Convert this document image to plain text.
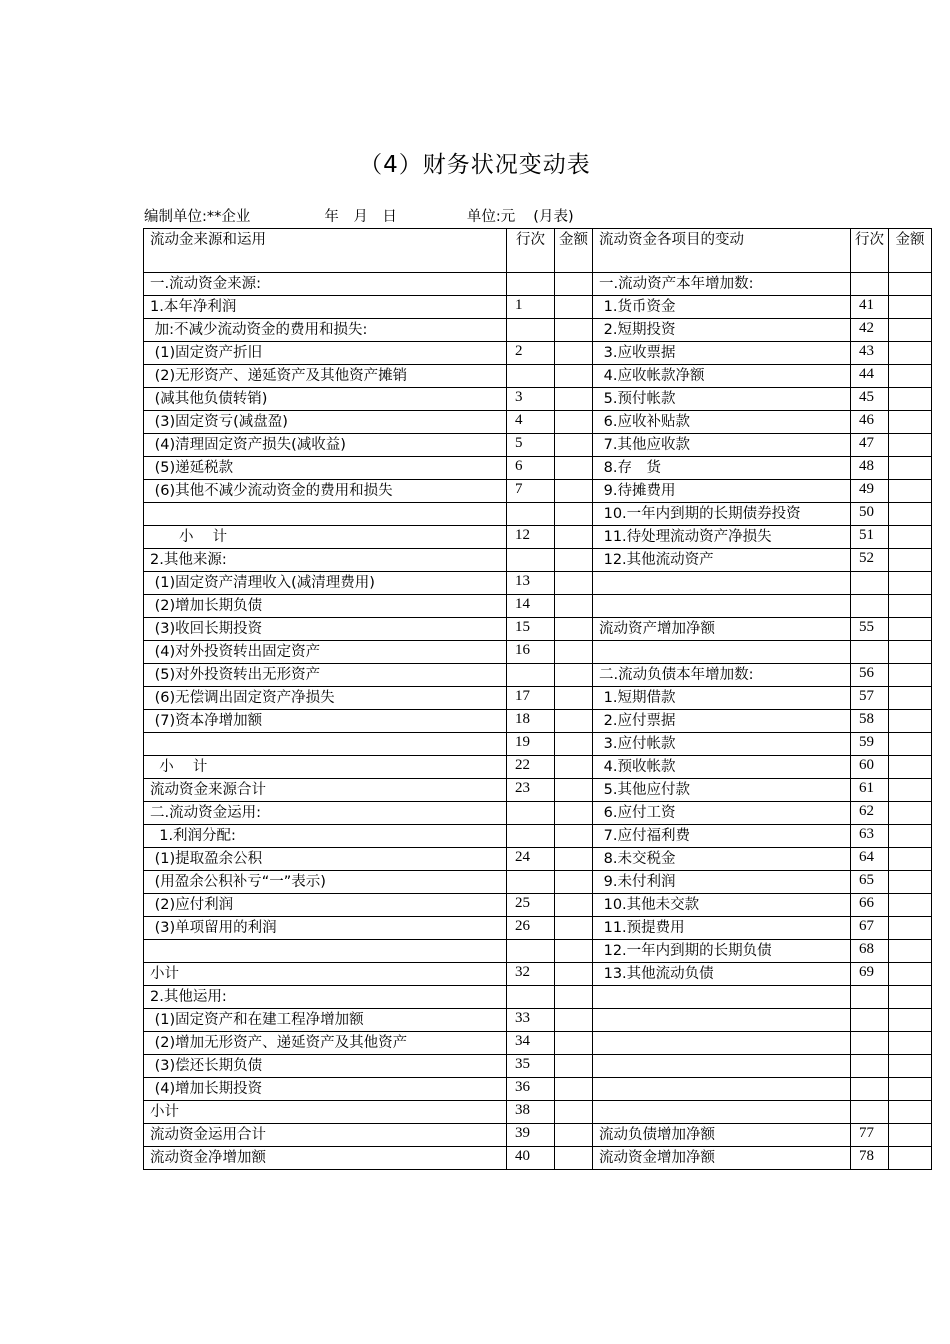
（4）财务状况变动表
编制单位:**企业	年　月　日	单位:元 (月表)
流动金来源和运用	行次	金额	流动资金各项目的变动	行次	金额
一.流动资金来源:			一.流动资产本年增加数:		
1.本年净利润	1		1.货币资金	41	
加:不减少流动资金的费用和损失:			2.短期投资	42	
(1)固定资产折旧	2		3.应收票据	43	
(2)无形资产、递延资产及其他资产摊销			4.应收帐款净额	44	
(减其他负债转销)	3		5.预付帐款	45	
(3)固定资亏(减盘盈)	4		6.应收补贴款	46	
(4)清理固定资产损失(减收益)	5		7.其他应收款	47	
(5)递延税款	6		8.存　货	48	
(6)其他不减少流动资金的费用和损失	7		9.待摊费用	49	
			10.一年内到期的长期债券投资	50	
　　小　 计	12		11.待处理流动资产净损失	51	
2.其他来源:			12.其他流动资产	52	
(1)固定资产清理收入(减清理费用)	13				
(2)增加长期负债	14				
(3)收回长期投资	15		流动资产增加净额	55	
(4)对外投资转出固定资产	16				
(5)对外投资转出无形资产			二.流动负债本年增加数:	56	
(6)无偿调出固定资产净损失	17		1.短期借款	57	
(7)资本净增加额	18		2.应付票据	58	
	19		3.应付帐款	59	
小　 计	22		4.预收帐款	60	
流动资金来源合计	23		5.其他应付款	61	
二.流动资金运用:			6.应付工资	62	
1.利润分配:			7.应付福利费	63	
(1)提取盈余公积	24		8.未交税金	64	
(用盈余公积补亏“一”表示)			9.未付利润	65	
(2)应付利润	25		10.其他未交款	66	
(3)单项留用的利润	26		11.预提费用	67	
			12.一年内到期的长期负债	68	
小计	32		13.其他流动负债	69	
2.其他运用:					
(1)固定资产和在建工程净增加额	33				
(2)增加无形资产、递延资产及其他资产	34				
(3)偿还长期负债	35				
(4)增加长期投资	36				
小计	38				
流动资金运用合计	39		流动负债增加净额	77	
流动资金净增加额	40		流动资金增加净额	78	
